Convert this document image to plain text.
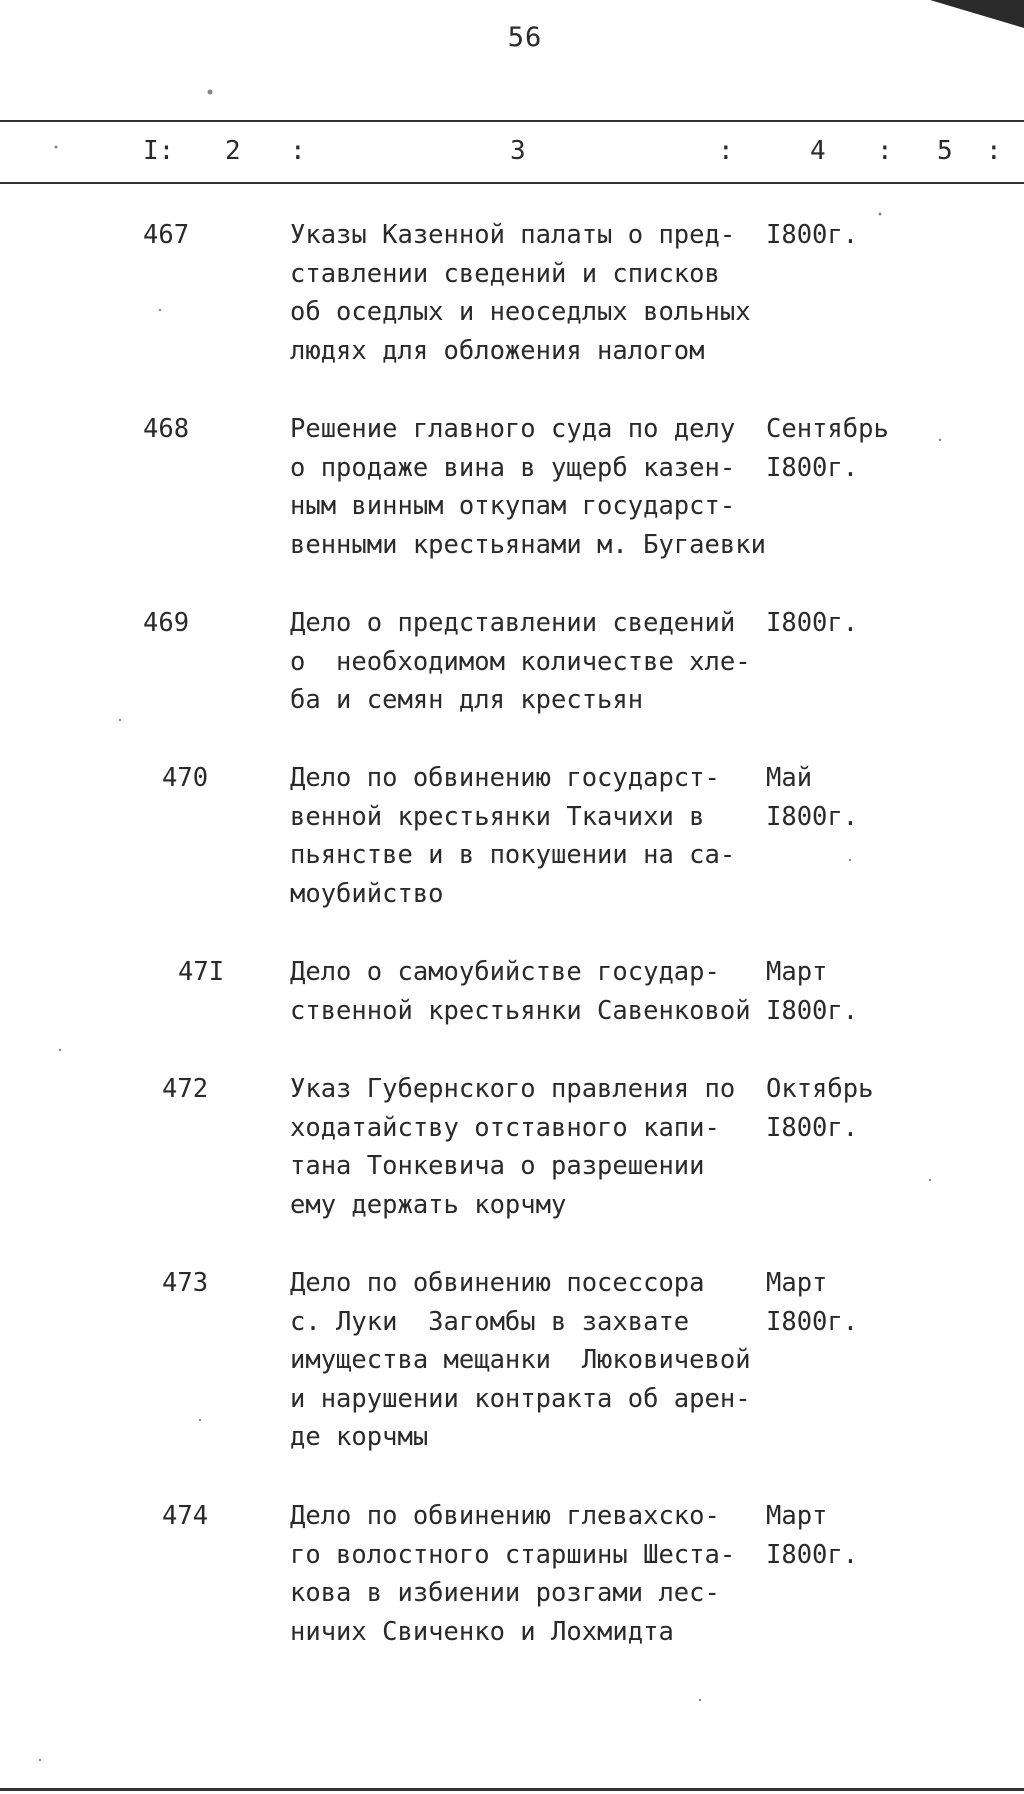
56
I: 2 :	3	:	4 : 5 :
467	Указы Казенной палаты о пред-
ставлении сведений и списков
об оседлых и неоседлых вольных
людях для обложения налогом
I800г.
468	Решение главного суда по делу
о продаже вина в ущерб казен-
ным винным откупам государст-
венными крестьянами м. Бугаевки
Сентябрь
I800г.
469	Дело о представлении сведений
о  необходимом количестве хле-
ба и семян для крестьян
I800г.
470	Дело по обвинению государст-
венной крестьянки Ткачихи в
пьянстве и в покушении на са-
моубийство
Май
I800г.
47I	Дело о самоубийстве государ-
ственной крестьянки Савенковой
Март
I800г.
472	Указ Губернского правления по
ходатайству отставного капи-
тана Тонкевича о разрешении
ему держать корчму
Октябрь
I800г.
473	Дело по обвинению посессора
с. Луки  Загомбы в захвате
имущества мещанки  Люковичевой
и нарушении контракта об арен-
де корчмы
Март
I800г.
474	Дело по обвинению глевахско-
го волостного старшины Шеста-
кова в избиении розгами лес-
ничих Свиченко и Лохмидта
Март
I800г.
